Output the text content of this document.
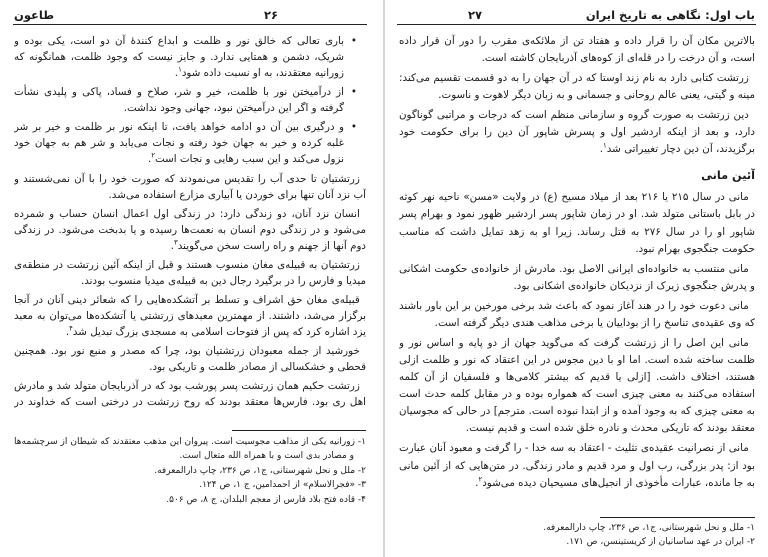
طاعون	۲۶
• باری تعالی که خالق نور و ظلمت و ابداع کنندهٔ آن دو است، یکی بوده و شریک، دشمن و همتایی ندارد. و جایز نیست که وجود ظلمت، همانگونه که زورانیه معتقدند، به او نسبت داده شود$^۱$.
• از درآمیختن نور با ظلمت، خیر و شر، صلاح و فساد، پاکی و پلیدی نشأت گرفته و اگر این درآمیختن نبود، جهانی وجود نداشت.
• و درگیری بین آن دو ادامه خواهد یافت، تا اینکه نور بر ظلمت و خیر بر شر غلبه کرده و خیر به جهان خود رفته و نجات می‌یابد و شر هم به جهان خود نزول می‌کند و این سبب رهایی و نجات است$^۲$.

زرتشتیان تا حدی آب را تقدیس می‌نمودند که صورت خود را با آن نمی‌شستند و آب نزد آنان تنها برای خوردن یا آبیاری مزارع استفاده می‌شد.

انسان نزد آنان، دو زندگی دارد: در زندگی اول اعمال انسان حساب و شمرده می‌شود و در زندگی دوم انسان به نعمت‌ها رسیده و یا بدبخت می‌شود. در زندگی دوم آنها از جهنم و راه راست سخن می‌گویند$^۳$.

زرتشتیان به قبیله‌ی مغان منسوب هستند و قبل از اینکه آئین زرتشت در منطقه‌ی میدیا و فارس را در برگیرد رجال دین به قبیله‌ی میدیا منسوب بودند.

قبیله‌ی مغان حق اشراف و تسلط بر آتشکده‌هایی را که شعائر دینی آنان در آنجا برگزار می‌شد، داشتند. از مهمترین معبدهای زرتشتی یا آتشکده‌ها می‌توان به معبد یزد اشاره کرد که پس از فتوحات اسلامی به مسجدی بزرگ تبدیل شد$^۴$.

خورشید از جمله معبودان زرتشتیان بود، چرا که مصدر و منبع نور بود. همچنین قحطی و خشکسالی از مصادر ظلمت و تاریکی بود.

زرتشت حکیم همان زرتشت پسر پورشب بود که در آذربایجان متولد شد و مادرش اهل ری بود. فارس‌ها معتقد بودند که روح زرتشت در درختی است که خداوند در

۱- زورانیه یکی از مذاهب مجوسیت است. پیروان این مذهب معتقدند که شیطان از سرچشمه‌ها و مصادر بدی است و با همراه الله متعال است.

۲- ملل و نحل شهرستانی، ج۱، ص ۲۳۶، چاپ دارالمعرفه.

۳- «فجرالاسلام» از احمدامین، ج ۱، ص ۱۲۴.

۴- قاده فتح بلاد فارس از معجم البلدان، ج ۸، ص ۵۰۶.

باب اول: نگاهی به تاریخ ایران
۲۷

بالاترین مکان آن را قرار داده و هفتاد تن از ملائکه‌ی مقرب را دور آن قرار داده است، و آن درخت را در قله‌ای از کوه‌های آذربایجان کاشته است.

زرتشت کتابی دارد به نام زند اوستا که در آن جهان را به دو قسمت تقسیم می‌کند: مینه و گیتی، یعنی عالم روحانی و جسمانی و به زبان دیگر لاهوت و ناسوت.

دین زرتشت به صورت گروه و سازمانی منظم است که درجات و مراتبی گوناگون دارد، و بعد از اینکه اردشیر اول و پسرش شاپور آن دین را برای حکومت خود برگزیدند، آن دین دچار تغییراتی شد$^۱$.

آئین مانی

مانی در سال ۲۱۵ یا ۲۱۶ بعد از میلاد مسیح (ع) در ولایت «مسن» ناحیه نهر کوثه در بابل باستانی متولد شد. او در زمان شاپور پسر اردشیر ظهور نمود و بهرام پسر شاپور او را در سال ۲۷۶ به قتل رساند. زیرا او به زهد تمایل داشت که مناسب حکومت جنگجوی بهرام نبود.

مانی منتسب به خانواده‌ای ایرانی الاصل بود. مادرش از خانواده‌ی حکومت اشکانی و پدرش جنگجوی زیرک از نزدیکان خانواده‌ی اشکانی بود.

مانی دعوت خود را در هند آغاز نمود که باعث شد برخی مورخین بر این باور باشند که وی عقیده‌ی تناسخ را از بوداییان یا برخی مذاهب هندی دیگر گرفته است.

مانی این اصل را از زرتشت گرفت که می‌گوید جهان از دو پایه و اساس نور و ظلمت ساخته شده است. اما او با دین مجوس در این اعتقاد که نور و ظلمت ازلی هستند، اختلاف داشت. [ازلی یا قدیم که بیشتر کلامی‌ها و فلسفیان از آن کلمه استفاده می‌کنند به معنی چیزی است که همواره بوده و در مقابل کلمه حدث است به معنی چیزی که به وجود آمده و از ابتدا نبوده است. مترجم] در حالی که مجوسیان معتقد بودند که تاریکی محدث و نادره خلق شده است و قدیم نیست.

مانی از نصرانیت عقیده‌ی تثلیث - اعتقاد به سه خدا - را گرفت و معبود آنان عبارت بود از: پدر بزرگی، رب اول و مرد قدیم و مادر زندگی. در متن‌هایی که از آئین مانی به جا مانده، عبارات مأخوذی از انجیل‌های مسیحیان دیده می‌شود$^۲$.

۱- ملل و نحل شهرستانی، ج۱، ص ۲۳۶، چاپ دارالمعرفه.

۲- ایران در عهد ساسانیان از کریستینسن، ص ۱۷۱.
